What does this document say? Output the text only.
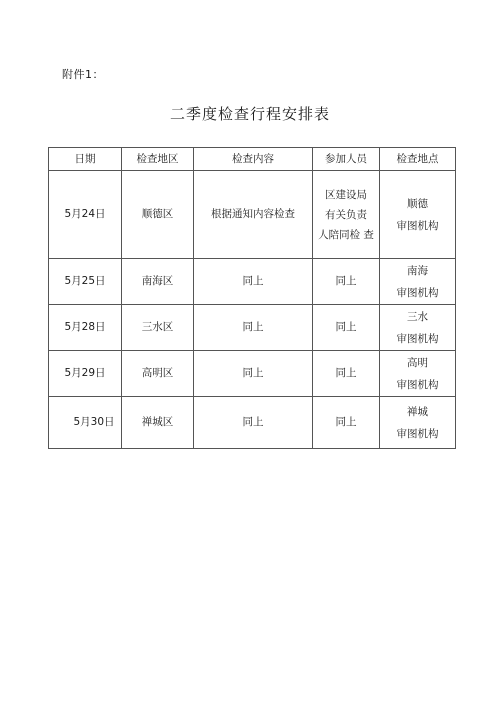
附件1：
二季度检查行程安排表
日期	检查地区	检查内容	参加人员	检查地点
5月24日	顺德区	根据通知内容检查	区建设局
有关负责
人陪同检 查	顺德
审图机构

5月25日	南海区	同上	同上	南海
审图机构

5月28日	三水区	同上	同上	三水
审图机构

5月29日	高明区	同上	同上	高明
审图机构

5月30日	禅城区	同上	同上	禅城
审图机构
